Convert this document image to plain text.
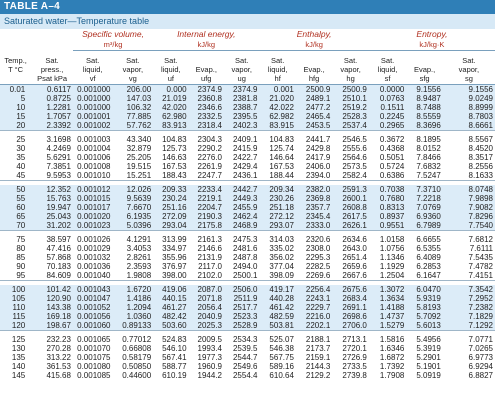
TABLE A–4
Saturated water—Temperature table
		Specific volume,		Internal energy,			Enthalpy,			Entropy,		
		m³/kg		kJ/kg			kJ/kg			kJ/kg·K		

Temp.,	Sat.	Sat.	Sat.	Sat.		Sat.	Sat.		Sat.	Sat.		Sat.
T °C	press.,	liquid,	vapor,	liquid,	Evap.,	vapor,	liquid,	Evap.,	vapor,	liquid,	Evap.,	vapor,
	Psat kPa	vf	vg	uf	ufg	ug	hf	hfg	hg	sf	sfg	sg
0.01	0.6117	0.001000	206.00	0.000	2374.9	2374.9	0.001	2500.9	2500.9	0.0000	9.1556	9.1556
5	0.8725	0.001000	147.03	21.019	2360.8	2381.8	21.020	2489.1	2510.1	0.0763	8.9487	9.0249
10	1.2281	0.001000	106.32	42.020	2346.6	2388.7	42.022	2477.2	2519.2	0.1511	8.7488	8.8999
15	1.7057	0.001001	77.885	62.980	2332.5	2395.5	62.982	2465.4	2528.3	0.2245	8.5559	8.7803
20	2.3392	0.001002	57.762	83.913	2318.4	2402.3	83.915	2453.5	2537.4	0.2965	8.3696	8.6661

25	3.1698	0.001003	43.340	104.83	2304.3	2409.1	104.83	2441.7	2546.5	0.3672	8.1895	8.5567
30	4.2469	0.001004	32.879	125.73	2290.2	2415.9	125.74	2429.8	2555.6	0.4368	8.0152	8.4520
35	5.6291	0.001006	25.205	146.63	2276.0	2422.7	146.64	2417.9	2564.6	0.5051	7.8466	8.3517
40	7.3851	0.001008	19.515	167.53	2261.9	2429.4	167.53	2406.0	2573.5	0.5724	7.6832	8.2556
45	9.5953	0.001010	15.251	188.43	2247.7	2436.1	188.44	2394.0	2582.4	0.6386	7.5247	8.1633

50	12.352	0.001012	12.026	209.33	2233.4	2442.7	209.34	2382.0	2591.3	0.7038	7.3710	8.0748
55	15.763	0.001015	9.5639	230.24	2219.1	2449.3	230.26	2369.8	2600.1	0.7680	7.2218	7.9898
60	19.947	0.001017	7.6670	251.16	2204.7	2455.9	251.18	2357.7	2608.8	0.8313	7.0769	7.9082
65	25.043	0.001020	6.1935	272.09	2190.3	2462.4	272.12	2345.4	2617.5	0.8937	6.9360	7.8296
70	31.202	0.001023	5.0396	293.04	2175.8	2468.9	293.07	2333.0	2626.1	0.9551	6.7989	7.7540

75	38.597	0.001026	4.1291	313.99	2161.3	2475.3	314.03	2320.6	2634.6	1.0158	6.6655	7.6812
80	47.416	0.001029	3.4053	334.97	2146.6	2481.6	335.02	2308.0	2643.0	1.0756	6.5355	7.6111
85	57.868	0.001032	2.8261	355.96	2131.9	2487.8	356.02	2295.3	2651.4	1.1346	6.4089	7.5435
90	70.183	0.001036	2.3593	376.97	2117.0	2494.0	377.04	2282.5	2659.6	1.1929	6.2853	7.4782
95	84.609	0.001040	1.9808	398.00	2102.0	2500.1	398.09	2269.6	2667.6	1.2504	6.1647	7.4151

100	101.42	0.001043	1.6720	419.06	2087.0	2506.0	419.17	2256.4	2675.6	1.3072	6.0470	7.3542
105	120.90	0.001047	1.4186	440.15	2071.8	2511.9	440.28	2243.1	2683.4	1.3634	5.9319	7.2952
110	143.38	0.001052	1.2094	461.27	2056.4	2517.7	461.42	2229.7	2691.1	1.4188	5.8193	7.2382
115	169.18	0.001056	1.0360	482.42	2040.9	2523.3	482.59	2216.0	2698.6	1.4737	5.7092	7.1829
120	198.67	0.001060	0.89133	503.60	2025.3	2528.9	503.81	2202.1	2706.0	1.5279	5.6013	7.1292

125	232.23	0.001065	0.77012	524.83	2009.5	2534.3	525.07	2188.1	2713.1	1.5816	5.4956	7.0771
130	270.28	0.001070	0.66808	546.10	1993.4	2539.5	546.38	2173.7	2720.1	1.6346	5.3919	7.0265
135	313.22	0.001075	0.58179	567.41	1977.3	2544.7	567.75	2159.1	2726.9	1.6872	5.2901	6.9773
140	361.53	0.001080	0.50850	588.77	1960.9	2549.6	589.16	2144.3	2733.5	1.7392	5.1901	6.9294
145	415.68	0.001085	0.44600	610.19	1944.2	2554.4	610.64	2129.2	2739.8	1.7908	5.0919	6.8827
